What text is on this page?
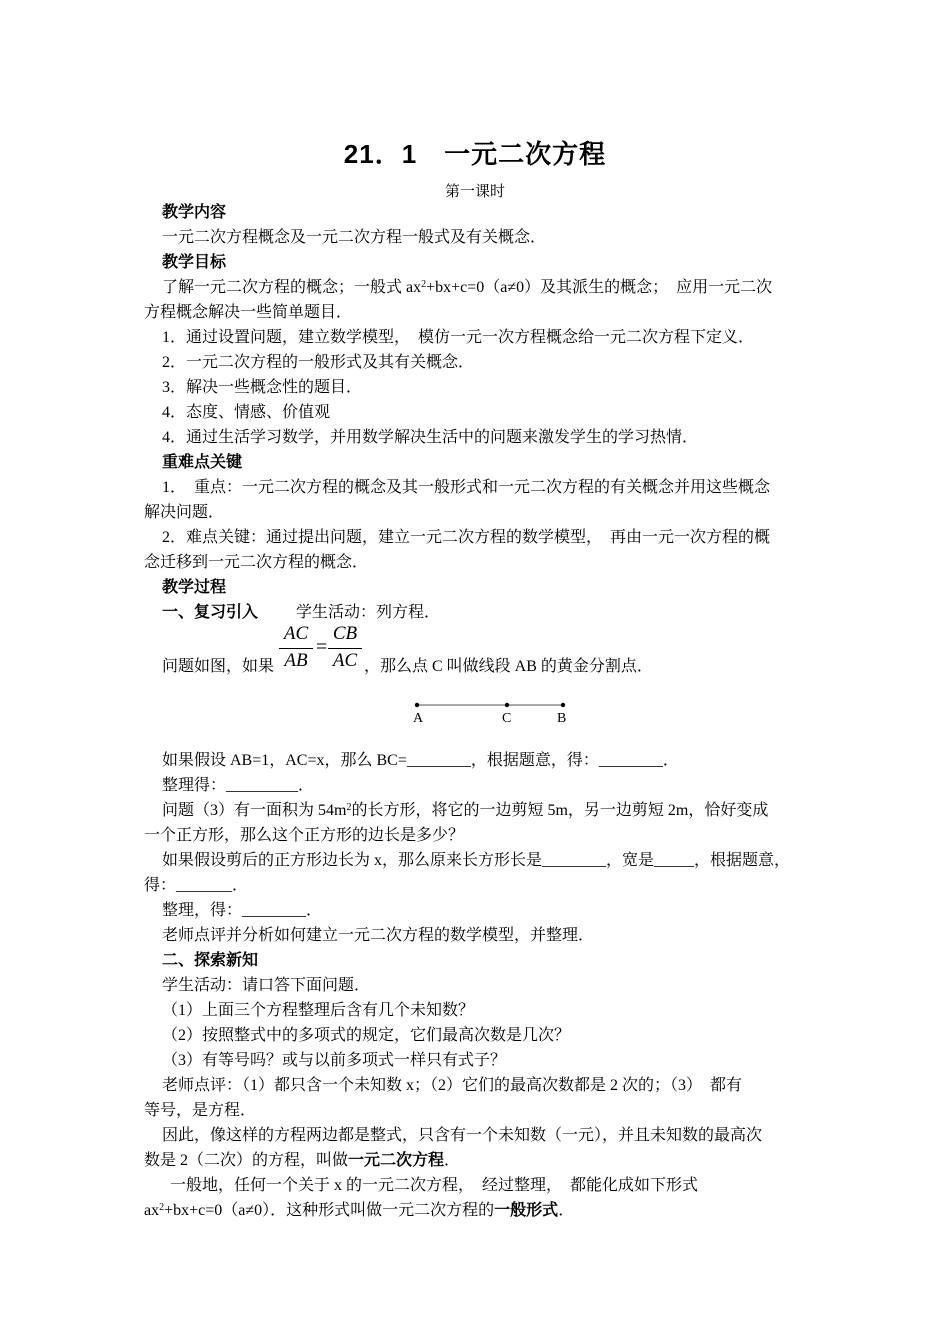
21．1　一元二次方程
第一课时
教学内容
一元二次方程概念及一元二次方程一般式及有关概念．
教学目标
了解一元二次方程的概念；一般式 $ax^2+bx+c=0(a\ne 0)$及其派生的概念；　应用一元二次
方程概念解决一些简单题目．
1．通过设置问题，建立数学模型，　模仿一元一次方程概念给一元二次方程下定义．
2．一元二次方程的一般形式及其有关概念．
3．解决一些概念性的题目．
4．态度、情感、价值观
4．通过生活学习数学，并用数学解决生活中的问题来激发学生的学习热情．
重难点关键
1．　重点：一元二次方程的概念及其一般形式和一元二次方程的有关概念并用这些概念
解决问题．
2．难点关键：通过提出问题，建立一元二次方程的数学模型，　再由一元一次方程的概
念迁移到一元二次方程的概念．
教学过程
一、复习引入 学生活动：列方程．
问题如图，如果
AC
AB
=
CB
AC ，那么点 C 叫做线段 AB 的黄金分割点．
A	C	B
如果假设 AB=1，AC=x，那么 BC=________，根据题意，得：________．
整理得：_________．
问题（3）有一面积为 $54m^2$的长方形，将它的一边剪短 5m，另一边剪短 2m，恰好变成
一个正方形，那么这个正方形的边长是多少？
如果假设剪后的正方形边长为 x，那么原来长方形长是________，宽是_____，根据题意，
得：_______．
整理，得：________．
老师点评并分析如何建立一元二次方程的数学模型，并整理．
二、探索新知
学生活动：请口答下面问题．
（1）上面三个方程整理后含有几个未知数？
（2）按照整式中的多项式的规定，它们最高次数是几次？
（3）有等号吗？或与以前多项式一样只有式子？
老师点评：（1）都只含一个未知数 x；（2）它们的最高次数都是 2 次的；（3）　都有
等号，是方程．
因此，像这样的方程两边都是整式，只含有一个未知数（一元），并且未知数的最高次
数是 2（二次）的方程，叫做一元二次方程．
一般地，任何一个关于 x 的一元二次方程，　经过整理，　都能化成如下形式
$ax^2+bx+c=0(a\ne 0)$．这种形式叫做一元二次方程的一般形式．
